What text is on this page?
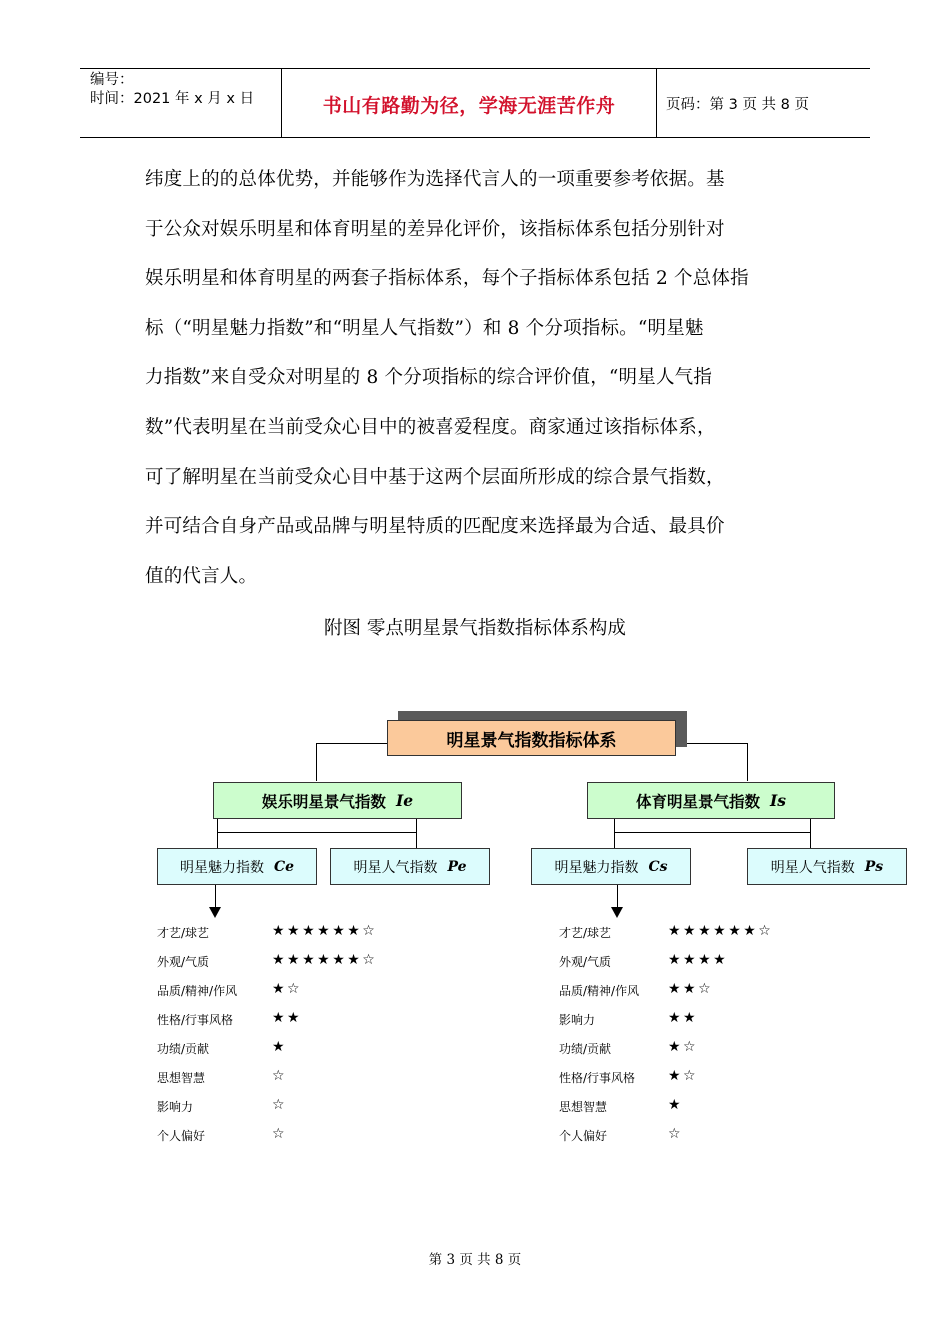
编号：
时间：2021 年 x 月 x 日	书山有路勤为径，学海无涯苦作舟	页码：第 3 页 共 8 页

纬度上的的总体优势，并能够作为选择代言人的一项重要参考依据。基
于公众对娱乐明星和体育明星的差异化评价，该指标体系包括分别针对
娱乐明星和体育明星的两套子指标体系，每个子指标体系包括 2 个总体指
标（“明星魅力指数”和“明星人气指数”）和 8 个分项指标。“明星魅
力指数”来自受众对明星的 8 个分项指标的综合评价值，“明星人气指
数”代表明星在当前受众心目中的被喜爱程度。商家通过该指标体系，
可了解明星在当前受众心目中基于这两个层面所形成的综合景气指数，
并可结合自身产品或品牌与明星特质的匹配度来选择最为合适、最具价
值的代言人。

附图 零点明星景气指数指标体系构成
明星景气指数指标体系
娱乐明星景气指数 Ie	体育明星景气指数 Is
明星魅力指数 Ce	明星人气指数 Pe	明星魅力指数 Cs	明星人气指数 Ps
才艺/球艺	★★★★★★☆
外观/气质	★★★★★★☆
品质/精神/作风 ★☆
性格/行事风格	★★
功绩/贡献	★
思想智慧	☆
影响力	☆
个人偏好	☆
才艺/球艺	★★★★★★☆
外观/气质	★★★★
品质/精神/作风 ★★☆
影响力	★★
功绩/贡献	★☆
性格/行事风格 ★☆
思想智慧	★
个人偏好	☆
第 3 页 共 8 页
